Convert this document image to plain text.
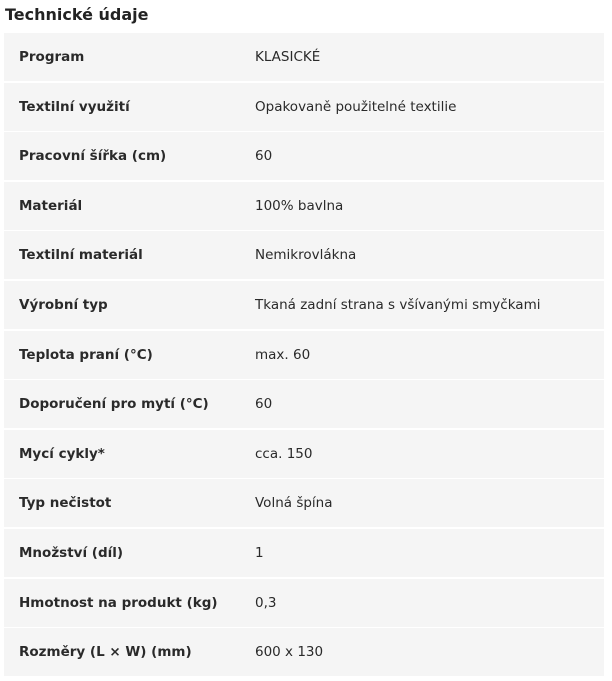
Technické údaje
Program	KLASICKÉ
Textilní využití	Opakovaně použitelné textilie
Pracovní šířka (cm)	60
Materiál	100% bavlna
Textilní materiál	Nemikrovlákna
Výrobní typ	Tkaná zadní strana s všívanými smyčkami
Teplota praní (°C)	max. 60
Doporučení pro mytí (°C)	60
Mycí cykly*	cca. 150
Typ nečistot	Volná špína
Množství (díl)	1
Hmotnost na produkt (kg)	0,3
Rozměry (L × W) (mm)	600 x 130
